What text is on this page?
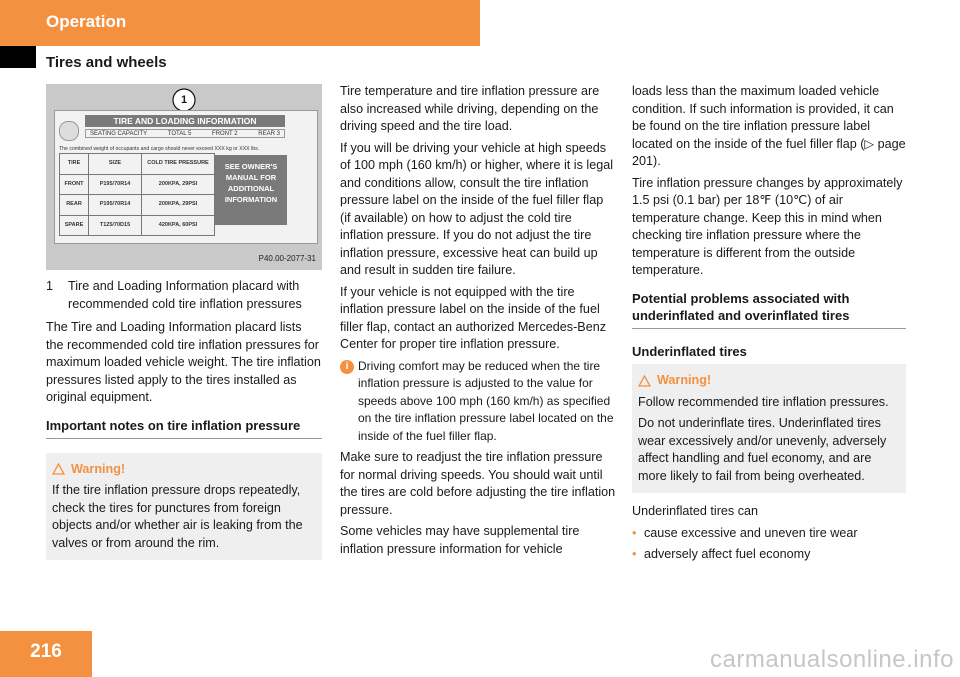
Operation
Tires and wheels
1
TIRE AND LOADING INFORMATION
SEATING CAPACITY	TOTAL 5	FRONT 2	REAR 3
The combined weight of occupants and cargo should never exceed XXX kg or XXX lbs.
TIRE	SIZE	COLD TIRE PRESSURE
FRONT	P195/70R14	200KPA, 29PSI
REAR	P195/70R14	200KPA, 29PSI
SPARE	T125/70D15	420KPA, 60PSI
SEE OWNER'S
MANUAL FOR
ADDITIONAL
INFORMATION
P40.00-2077-31
1	Tire and Loading Information placard with recommended cold tire inflation pressures

The Tire and Loading Information placard lists the recommended cold tire inflation pressures for maximum loaded vehicle weight. The tire inflation pressures listed apply to the tires installed as original equipment.

Important notes on tire inflation pressure
Warning!
If the tire inflation pressure drops repeatedly, check the tires for punctures from foreign objects and/or whether air is leaking from the valves or from around the rim.

Tire temperature and tire inflation pressure are also increased while driving, depending on the driving speed and the tire load.

If you will be driving your vehicle at high speeds of 100 mph (160 km/h) or higher, where it is legal and conditions allow, consult the tire inflation pressure label on the inside of the fuel filler flap (if available) on how to adjust the cold tire inflation pressure. If you do not adjust the tire inflation pressure, excessive heat can build up and result in sudden tire failure.

If your vehicle is not equipped with the tire inflation pressure label on the inside of the fuel filler flap, contact an authorized Mercedes-Benz Center for proper tire inflation pressure.

i Driving comfort may be reduced when the tire inflation pressure is adjusted to the value for speeds above 100 mph (160 km/h) as specified on the tire inflation pressure label located on the inside of the fuel filler flap.

Make sure to readjust the tire inflation pressure for normal driving speeds. You should wait until the tires are cold before adjusting the tire inflation pressure.

Some vehicles may have supplemental tire inflation pressure information for vehicle

loads less than the maximum loaded vehicle condition. If such information is provided, it can be found on the tire inflation pressure label located on the inside of the fuel filler flap (▷ page 201).

Tire inflation pressure changes by approximately 1.5 psi (0.1 bar) per 18℉ (10℃) of air temperature change. Keep this in mind when checking tire inflation pressure where the temperature is different from the outside temperature.

Potential problems associated with underinflated and overinflated tires
Underinflated tires
Warning!
Follow recommended tire inflation pressures.
Do not underinflate tires. Underinflated tires wear excessively and/or unevenly, adversely affect handling and fuel economy, and are more likely to fail from being overheated.

Underinflated tires can

• cause excessive and uneven tire wear
• adversely affect fuel economy
216	carmanualsonline.info
